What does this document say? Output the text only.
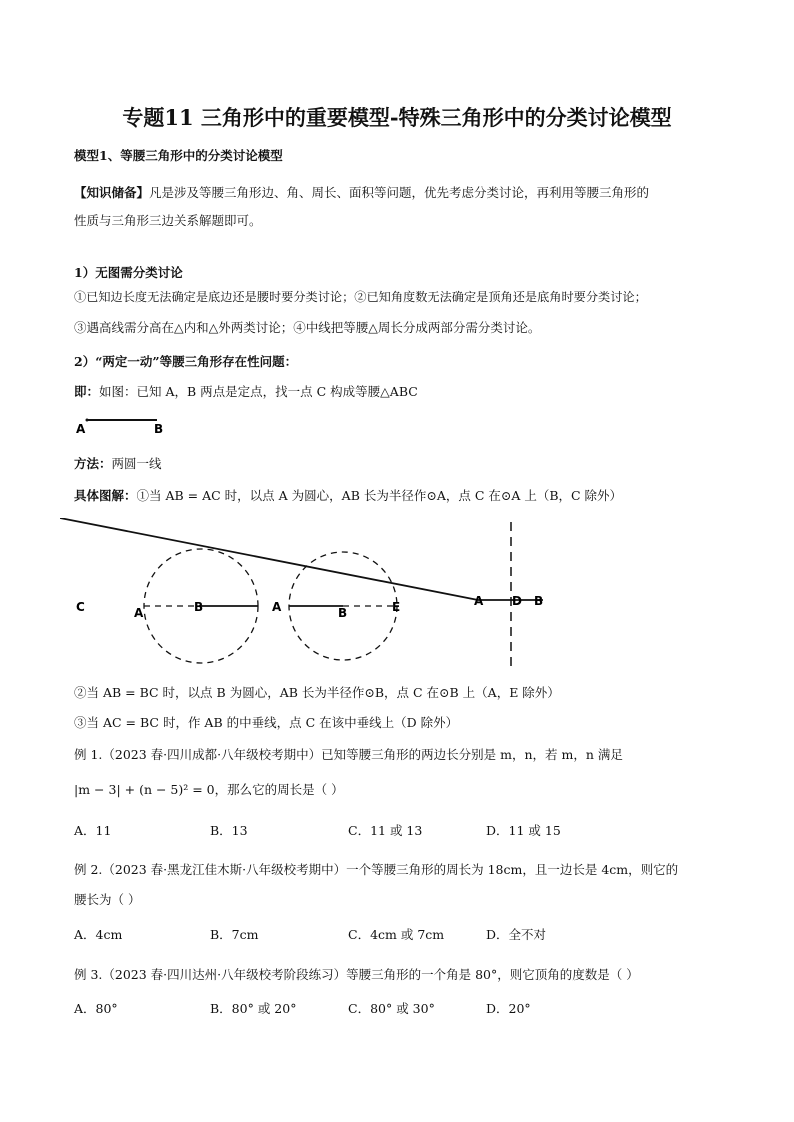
专题11 三角形中的重要模型-特殊三角形中的分类讨论模型
模型1、等腰三角形中的分类讨论模型
【知识储备】凡是涉及等腰三角形边、角、周长、面积等问题，优先考虑分类讨论，再利用等腰三角形的
性质与三角形三边关系解题即可。
1）无图需分类讨论
①已知边长度无法确定是底边还是腰时要分类讨论；②已知角度数无法确定是顶角还是底角时要分类讨论；
③遇高线需分高在△内和△外两类讨论；④中线把等腰△周长分成两部分需分类讨论。
2）“两定一动”等腰三角形存在性问题：
即：如图：已知 A，B 两点是定点，找一点 C 构成等腰△ABC
A	B
方法：两圆一线
具体图解：①当 AB = AC 时，以点 A 为圆心，AB 长为半径作⊙A，点 C 在⊙A 上（B，C 除外）
C	A	B	A	B	E	A D B
②当 AB = BC 时，以点 B 为圆心，AB 长为半径作⊙B，点 C 在⊙B 上（A，E 除外）
③当 AC = BC 时，作 AB 的中垂线，点 C 在该中垂线上（D 除外）
例 1.（2023 春·四川成都·八年级校考期中）已知等腰三角形的两边长分别是 m，n，若 m，n 满足
|m − 3| + (n − 5)² = 0，那么它的周长是（ ）
A．11	B．13	C．11 或 13	D．11 或 15
例 2.（2023 春·黑龙江佳木斯·八年级校考期中）一个等腰三角形的周长为 18cm，且一边长是 4cm，则它的
腰长为（ ）
A．4cm	B．7cm	C．4cm 或 7cm	D．全不对
例 3.（2023 春·四川达州·八年级校考阶段练习）等腰三角形的一个角是 80°，则它顶角的度数是（ ）
A．80°	B．80° 或 20°	C．80° 或 30°	D．20°
